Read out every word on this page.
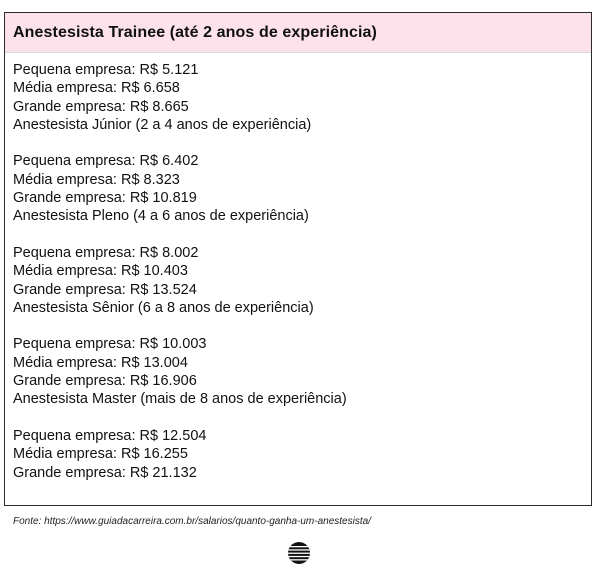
Anestesista Trainee (até 2 anos de experiência)
Pequena empresa: R$ 5.121
Média empresa: R$ 6.658
Grande empresa: R$ 8.665
Anestesista Júnior (2 a 4 anos de experiência)
Pequena empresa: R$ 6.402
Média empresa: R$ 8.323
Grande empresa: R$ 10.819
Anestesista Pleno (4 a 6 anos de experiência)
Pequena empresa: R$ 8.002
Média empresa: R$ 10.403
Grande empresa: R$ 13.524
Anestesista Sênior (6 a 8 anos de experiência)
Pequena empresa: R$ 10.003
Média empresa: R$ 13.004
Grande empresa: R$ 16.906
Anestesista Master (mais de 8 anos de experiência)
Pequena empresa: R$ 12.504
Média empresa: R$ 16.255
Grande empresa: R$ 21.132
Fonte: https://www.guiadacarreira.com.br/salarios/quanto-ganha-um-anestesista/
